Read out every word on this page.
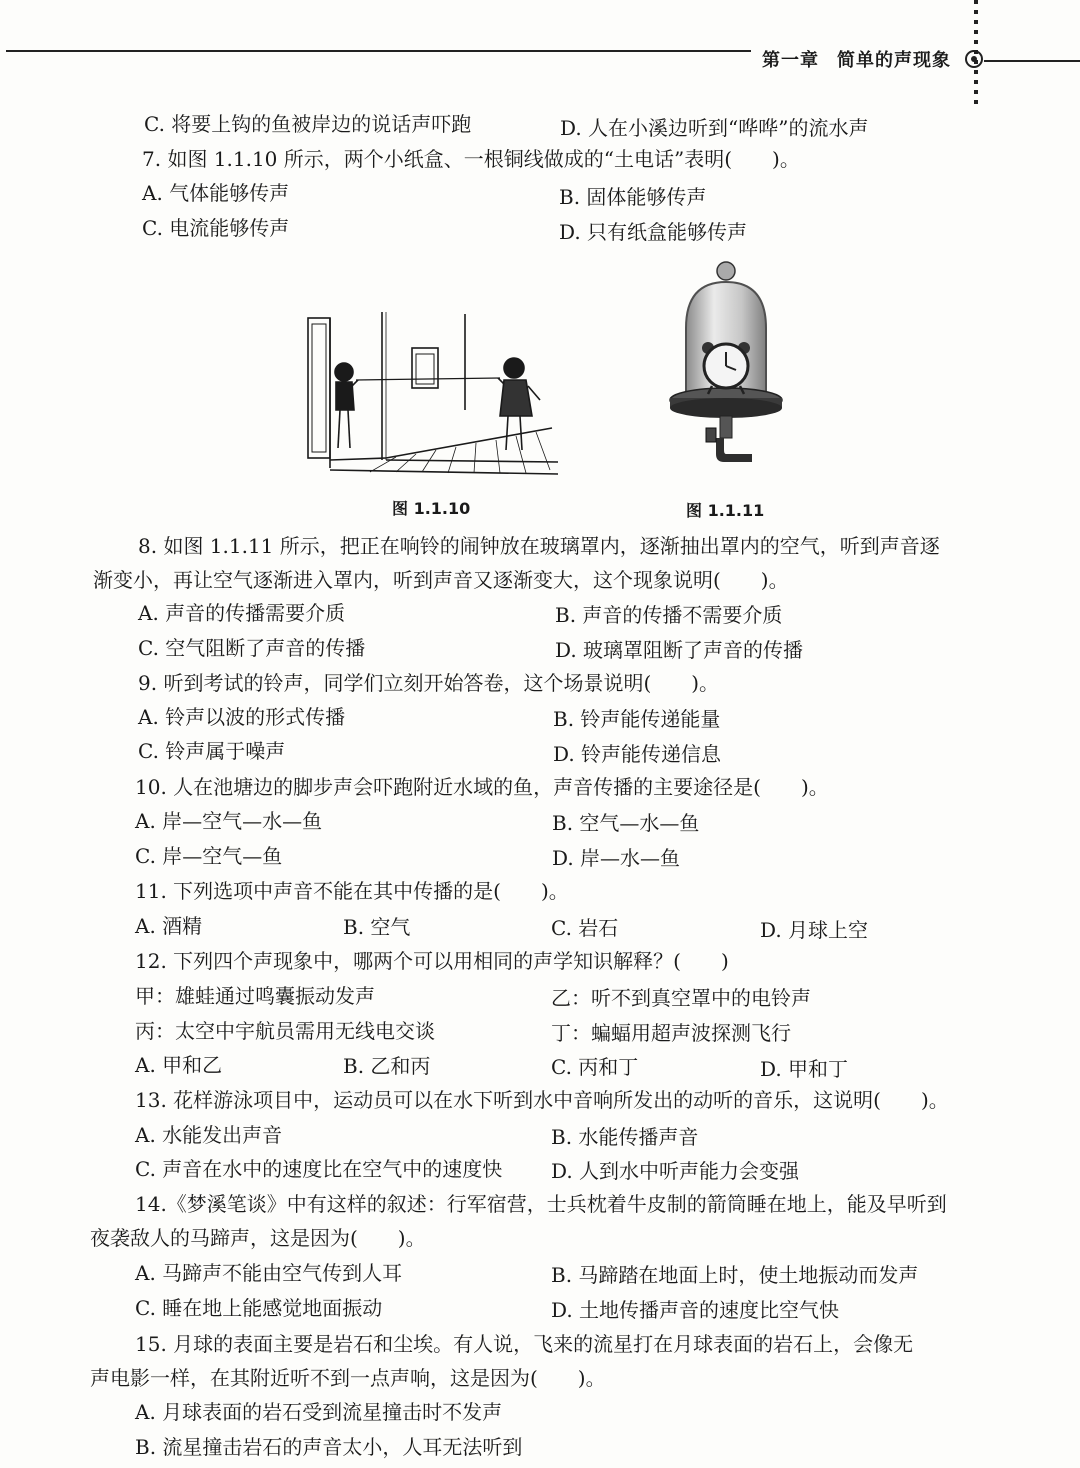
第一章 简单的声现象
C. 将要上钩的鱼被岸边的说话声吓跑	D. 人在小溪边听到“哗哗”的流水声
7. 如图 1.1.10 所示，两个小纸盒、一根铜线做成的“土电话”表明(　　)。
A. 气体能够传声	B. 固体能够传声
C. 电流能够传声	D. 只有纸盒能够传声
8. 如图 1.1.11 所示，把正在响铃的闹钟放在玻璃罩内，逐渐抽出罩内的空气，听到声音逐
渐变小，再让空气逐渐进入罩内，听到声音又逐渐变大，这个现象说明(　　)。
A. 声音的传播需要介质	B. 声音的传播不需要介质
C. 空气阻断了声音的传播	D. 玻璃罩阻断了声音的传播
9. 听到考试的铃声，同学们立刻开始答卷，这个场景说明(　　)。
A. 铃声以波的形式传播	B. 铃声能传递能量
C. 铃声属于噪声	D. 铃声能传递信息
10. 人在池塘边的脚步声会吓跑附近水域的鱼，声音传播的主要途径是(　　)。
A. 岸—空气—水—鱼	B. 空气—水—鱼
C. 岸—空气—鱼	D. 岸—水—鱼
11. 下列选项中声音不能在其中传播的是(　　)。
A. 酒精	B. 空气	C. 岩石	D. 月球上空
12. 下列四个声现象中，哪两个可以用相同的声学知识解释？(　　)
甲：雄蛙通过鸣囊振动发声	乙：听不到真空罩中的电铃声
丙：太空中宇航员需用无线电交谈	丁：蝙蝠用超声波探测飞行
A. 甲和乙	B. 乙和丙	C. 丙和丁	D. 甲和丁
13. 花样游泳项目中，运动员可以在水下听到水中音响所发出的动听的音乐，这说明(　　)。
A. 水能发出声音	B. 水能传播声音
C. 声音在水中的速度比在空气中的速度快 D. 人到水中听声能力会变强
14.《梦溪笔谈》中有这样的叙述：行军宿营，士兵枕着牛皮制的箭筒睡在地上，能及早听到
夜袭敌人的马蹄声，这是因为(　　)。
A. 马蹄声不能由空气传到人耳	B. 马蹄踏在地面上时，使土地振动而发声
C. 睡在地上能感觉地面振动	D. 土地传播声音的速度比空气快
15. 月球的表面主要是岩石和尘埃。有人说，飞来的流星打在月球表面的岩石上，会像无
声电影一样，在其附近听不到一点声响，这是因为(　　)。
A. 月球表面的岩石受到流星撞击时不发声
B. 流星撞击岩石的声音太小，人耳无法听到
图 1.1.10	图 1.1.11
